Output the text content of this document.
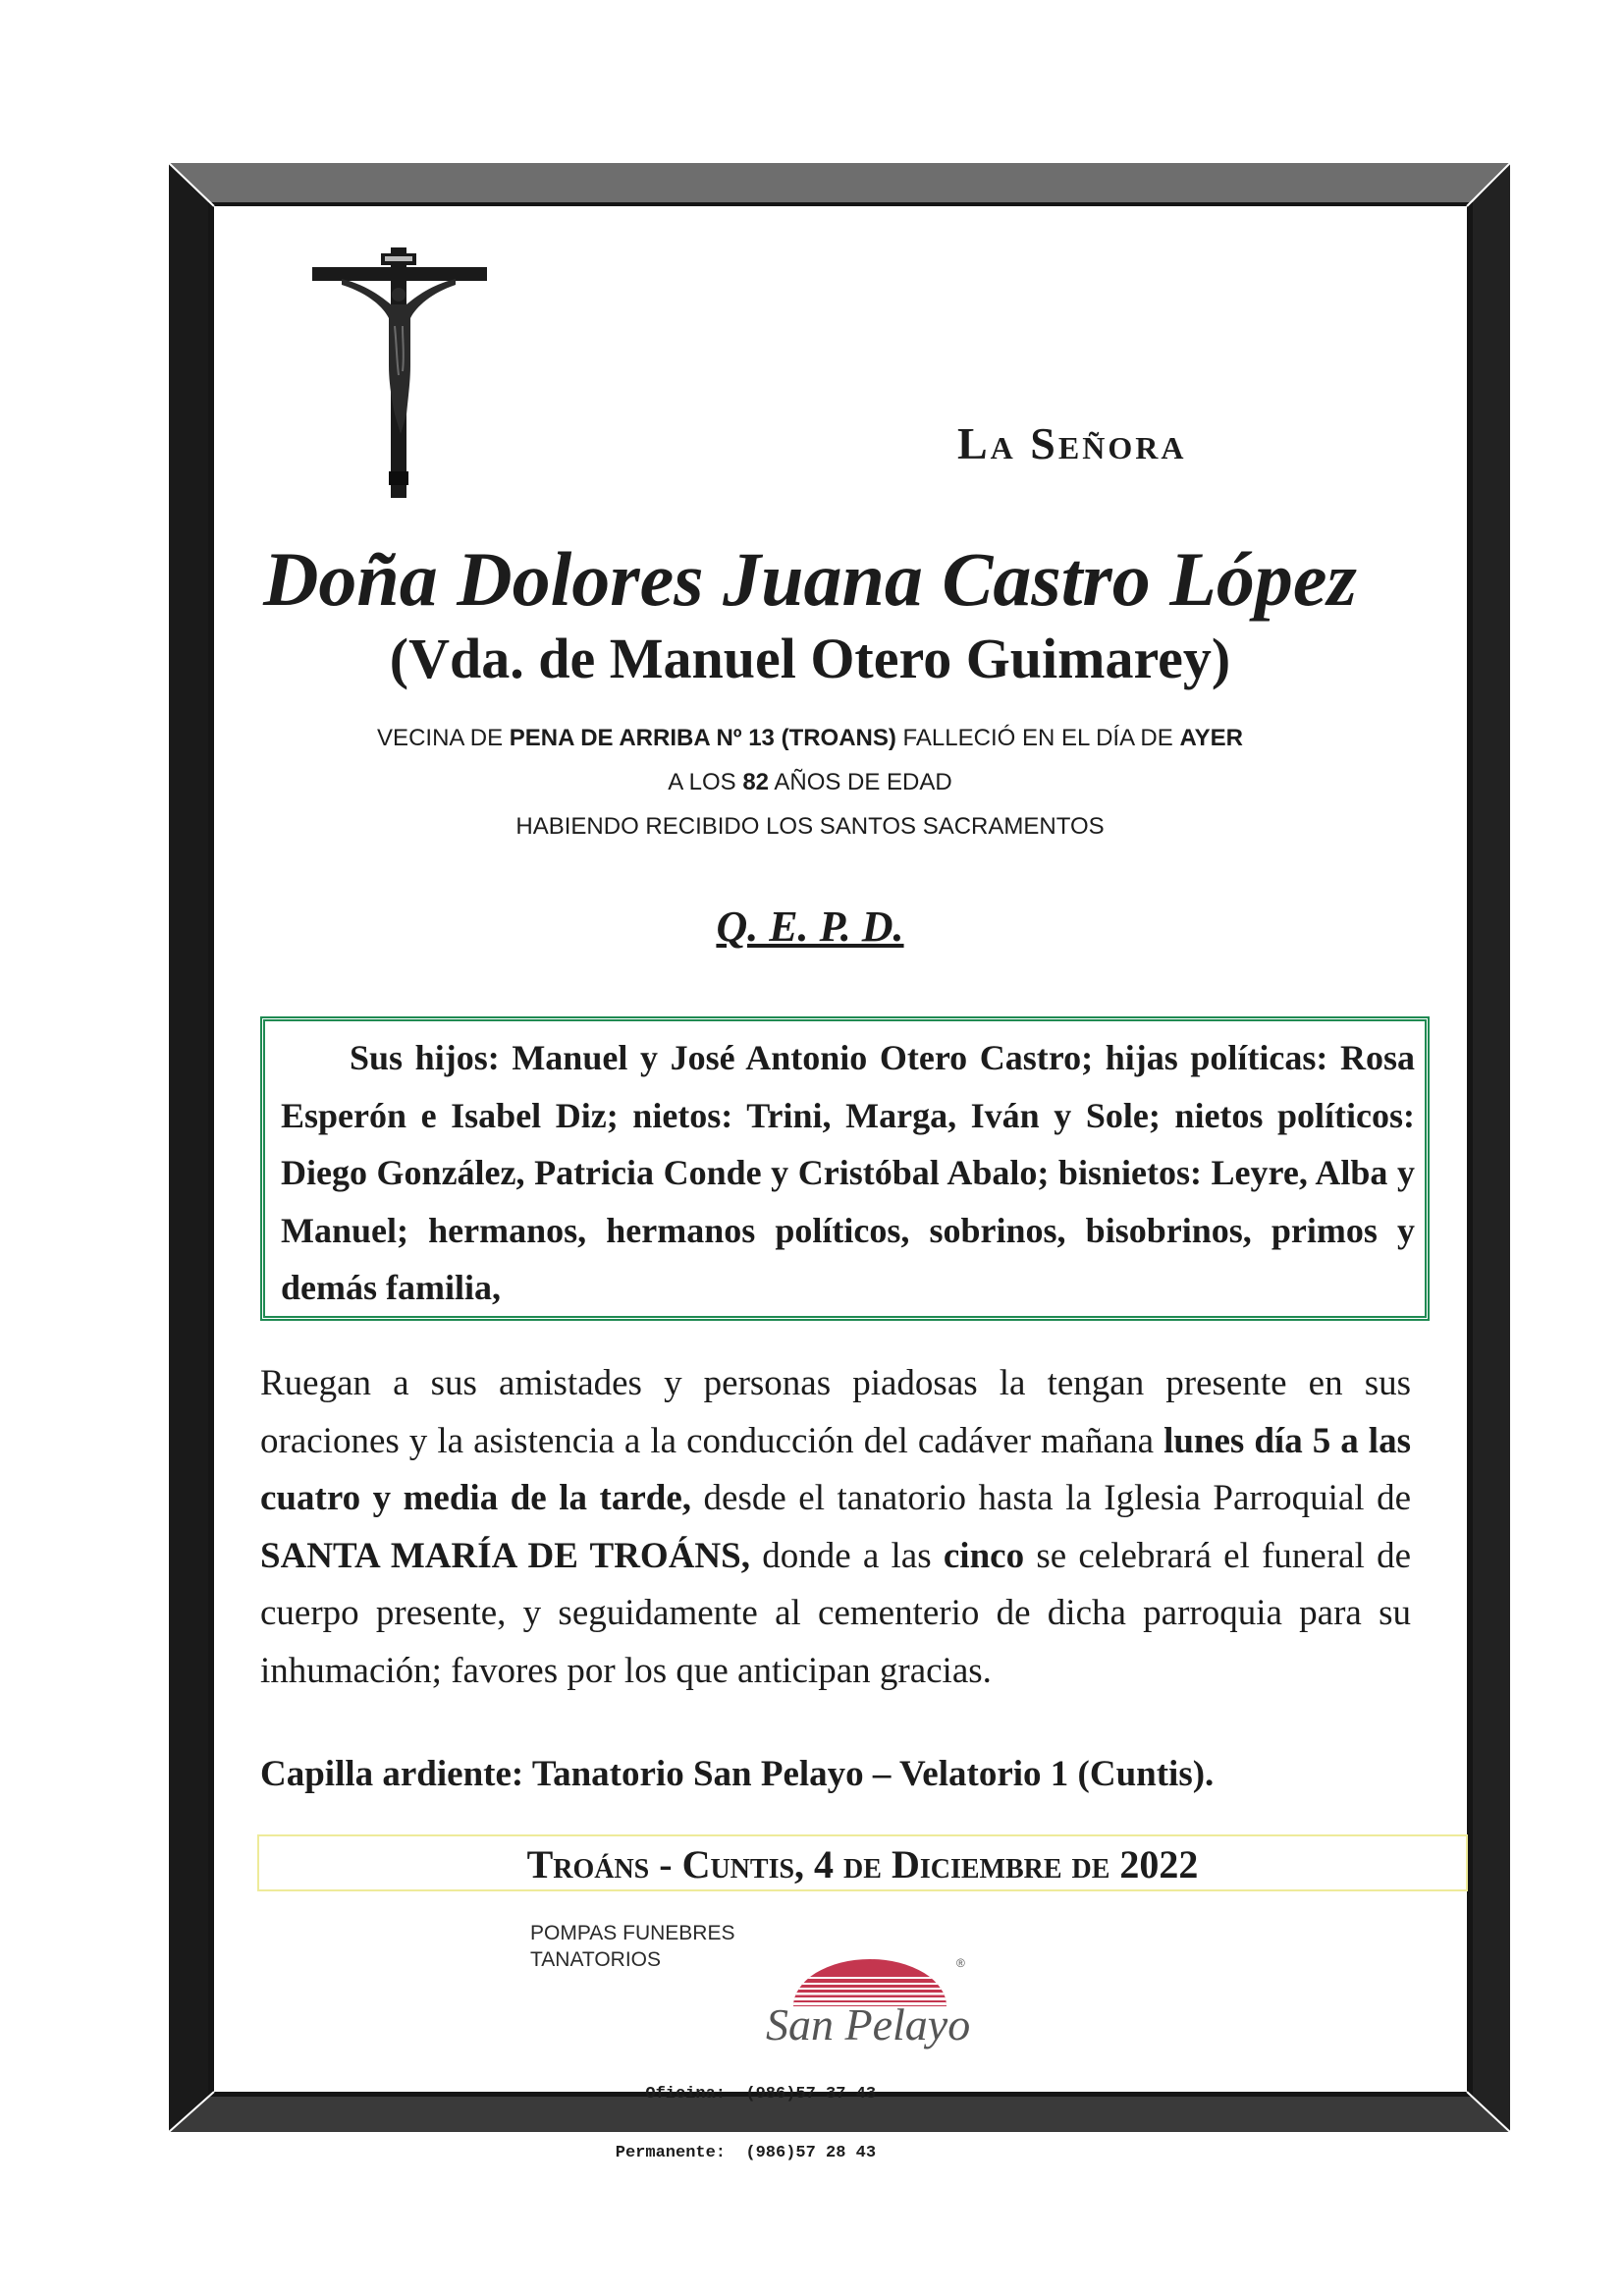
La Señora
Doña Dolores Juana Castro López
(Vda. de Manuel Otero Guimarey)
VECINA DE PENA DE ARRIBA Nº 13 (TROANS) FALLECIÓ EN EL DÍA DE AYER
A LOS 82 AÑOS DE EDAD
HABIENDO RECIBIDO LOS SANTOS SACRAMENTOS
Q. E. P. D.
Sus hijos: Manuel y José Antonio Otero Castro; hijas políticas: Rosa Esperón e Isabel Diz; nietos: Trini, Marga, Iván y Sole; nietos políticos: Diego González, Patricia Conde y Cristóbal Abalo; bisnietos: Leyre, Alba y Manuel; hermanos, hermanos políticos, sobrinos, bisobrinos, primos y demás familia,
Ruegan a sus amistades y personas piadosas la tengan presente en sus oraciones y la asistencia a la conducción del cadáver mañana lunes día 5 a las cuatro y media de la tarde, desde el tanatorio hasta la Iglesia Parroquial de SANTA MARÍA DE TROÁNS, donde a las cinco se celebrará el funeral de cuerpo presente, y seguidamente al cementerio de dicha parroquia para su inhumación; favores por los que anticipan gracias.
Capilla ardiente: Tanatorio San Pelayo – Velatorio 1 (Cuntis).
Troáns - Cuntis, 4 de Diciembre de 2022
POMPAS FUNEBRES
TANATORIOS	®
San Pelayo

Oficina:
(986)57 37 43

Permanente:
(986)57 28 43
